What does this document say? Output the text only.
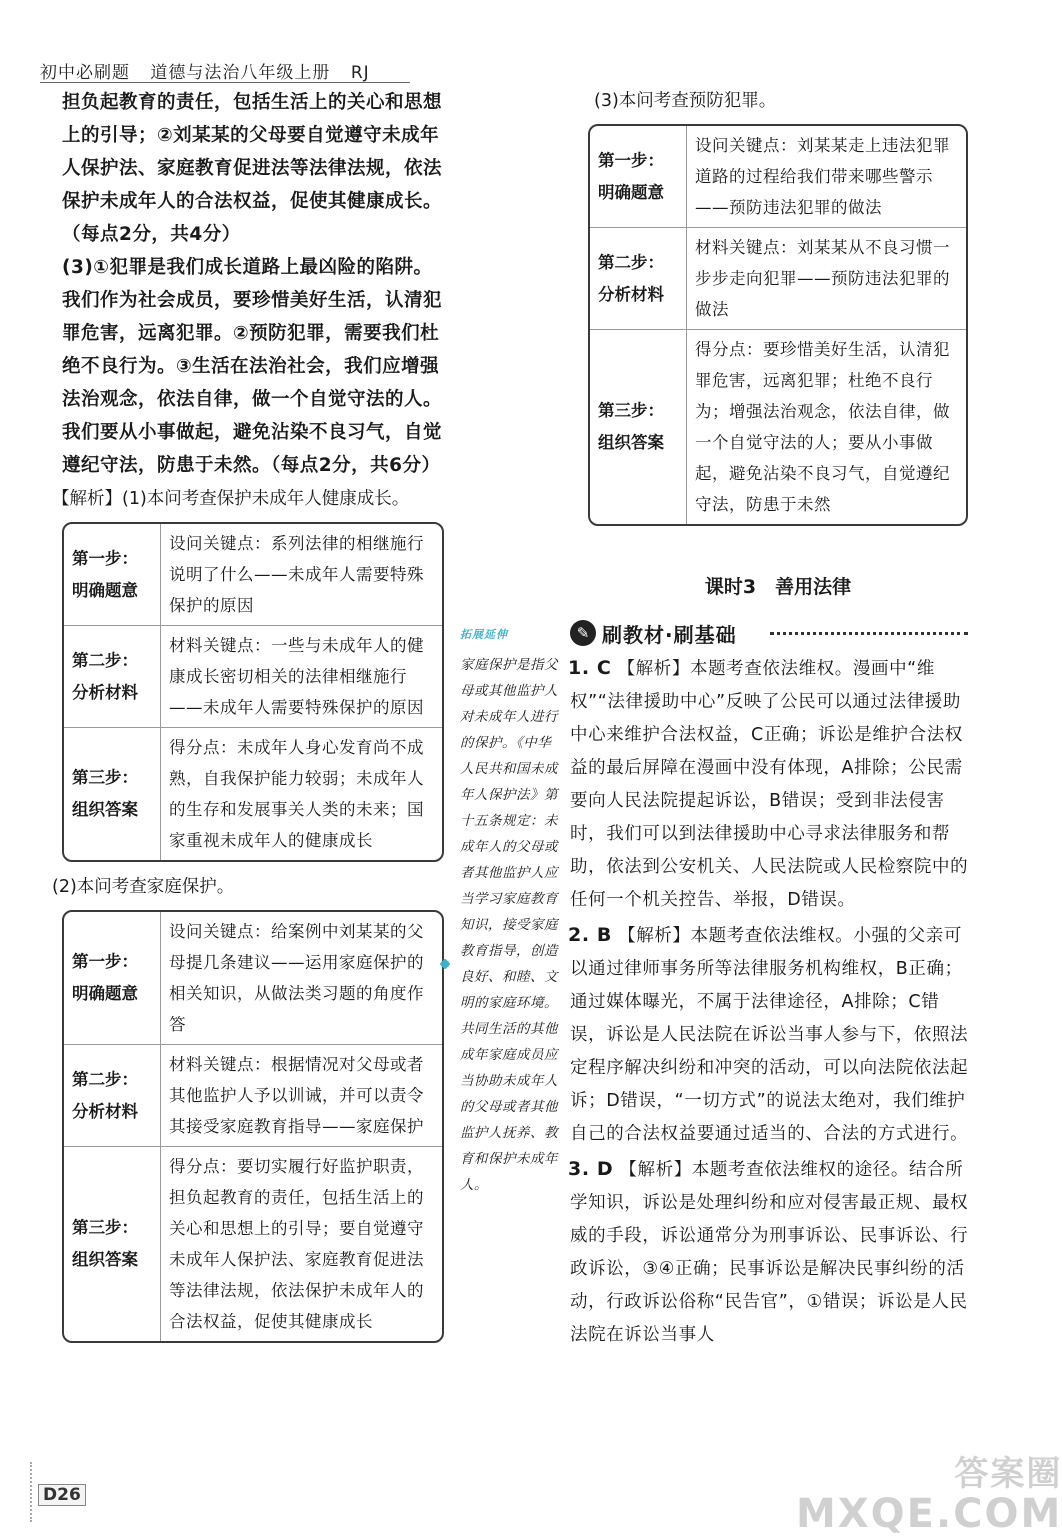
初中必刷题 道德与法治八年级上册 RJ

担负起教育的责任，包括生活上的关心和思想上的引导；②刘某某的父母要自觉遵守未成年人保护法、家庭教育促进法等法律法规，依法保护未成年人的合法权益，促使其健康成长。（每点2分，共4分）

(3)①犯罪是我们成长道路上最凶险的陷阱。我们作为社会成员，要珍惜美好生活，认清犯罪危害，远离犯罪。②预防犯罪，需要我们杜绝不良行为。③生活在法治社会，我们应增强法治观念，依法自律，做一个自觉守法的人。我们要从小事做起，避免沾染不良习气，自觉遵纪守法，防患于未然。（每点2分，共6分）

【解析】(1)本问考查保护未成年人健康成长。

第一步：明确题意	设问关键点：系列法律的相继施行说明了什么——未成年人需要特殊保护的原因
第二步：分析材料	材料关键点：一些与未成年人的健康成长密切相关的法律相继施行——未成年人需要特殊保护的原因
第三步：组织答案	得分点：未成年人身心发育尚不成熟，自我保护能力较弱；未成年人的生存和发展事关人类的未来；国家重视未成年人的健康成长

(2)本问考查家庭保护。

第一步：明确题意	设问关键点：给案例中刘某某的父母提几条建议——运用家庭保护的相关知识，从做法类习题的角度作答
第二步：分析材料	材料关键点：根据情况对父母或者其他监护人予以训诫，并可以责令其接受家庭教育指导——家庭保护
第三步：组织答案	得分点：要切实履行好监护职责，担负起教育的责任，包括生活上的关心和思想上的引导；要自觉遵守未成年人保护法、家庭教育促进法等法律法规，依法保护未成年人的合法权益，促使其健康成长
拓展延伸
家庭保护是指父母或其他监护人对未成年人进行的保护。《中华人民共和国未成年人保护法》第十五条规定：未成年人的父母或者其他监护人应当学习家庭教育知识，接受家庭教育指导，创造良好、和睦、文明的家庭环境。共同生活的其他成年家庭成员应当协助未成年人的父母或者其他监护人抚养、教育和保护未成年人。

(3)本问考查预防犯罪。

第一步：明确题意	设问关键点：刘某某走上违法犯罪道路的过程给我们带来哪些警示——预防违法犯罪的做法
第二步：分析材料	材料关键点：刘某某从不良习惯一步步走向犯罪——预防违法犯罪的做法
第三步：组织答案	得分点：要珍惜美好生活，认清犯罪危害，远离犯罪；杜绝不良行为；增强法治观念，依法自律，做一个自觉守法的人；要从小事做起，避免沾染不良习气，自觉遵纪守法，防患于未然
课时3　善用法律
✎ 刷教材·刷基础

1. C 【解析】本题考查依法维权。漫画中“维权”“法律援助中心”反映了公民可以通过法律援助中心来维护合法权益，C正确；诉讼是维护合法权益的最后屏障在漫画中没有体现，A排除；公民需要向人民法院提起诉讼，B错误；受到非法侵害时，我们可以到法律援助中心寻求法律服务和帮助，依法到公安机关、人民法院或人民检察院中的任何一个机关控告、举报，D错误。

2. B 【解析】本题考查依法维权。小强的父亲可以通过律师事务所等法律服务机构维权，B正确；通过媒体曝光，不属于法律途径，A排除；C错误，诉讼是人民法院在诉讼当事人参与下，依照法定程序解决纠纷和冲突的活动，可以向法院依法起诉；D错误，“一切方式”的说法太绝对，我们维护自己的合法权益要通过适当的、合法的方式进行。

3. D 【解析】本题考查依法维权的途径。结合所学知识，诉讼是处理纠纷和应对侵害最正规、最权威的手段，诉讼通常分为刑事诉讼、民事诉讼、行政诉讼，③④正确；民事诉讼是解决民事纠纷的活动，行政诉讼俗称“民告官”，①错误；诉讼是人民法院在诉讼当事人

D26
答案圈
MXQE.COM
